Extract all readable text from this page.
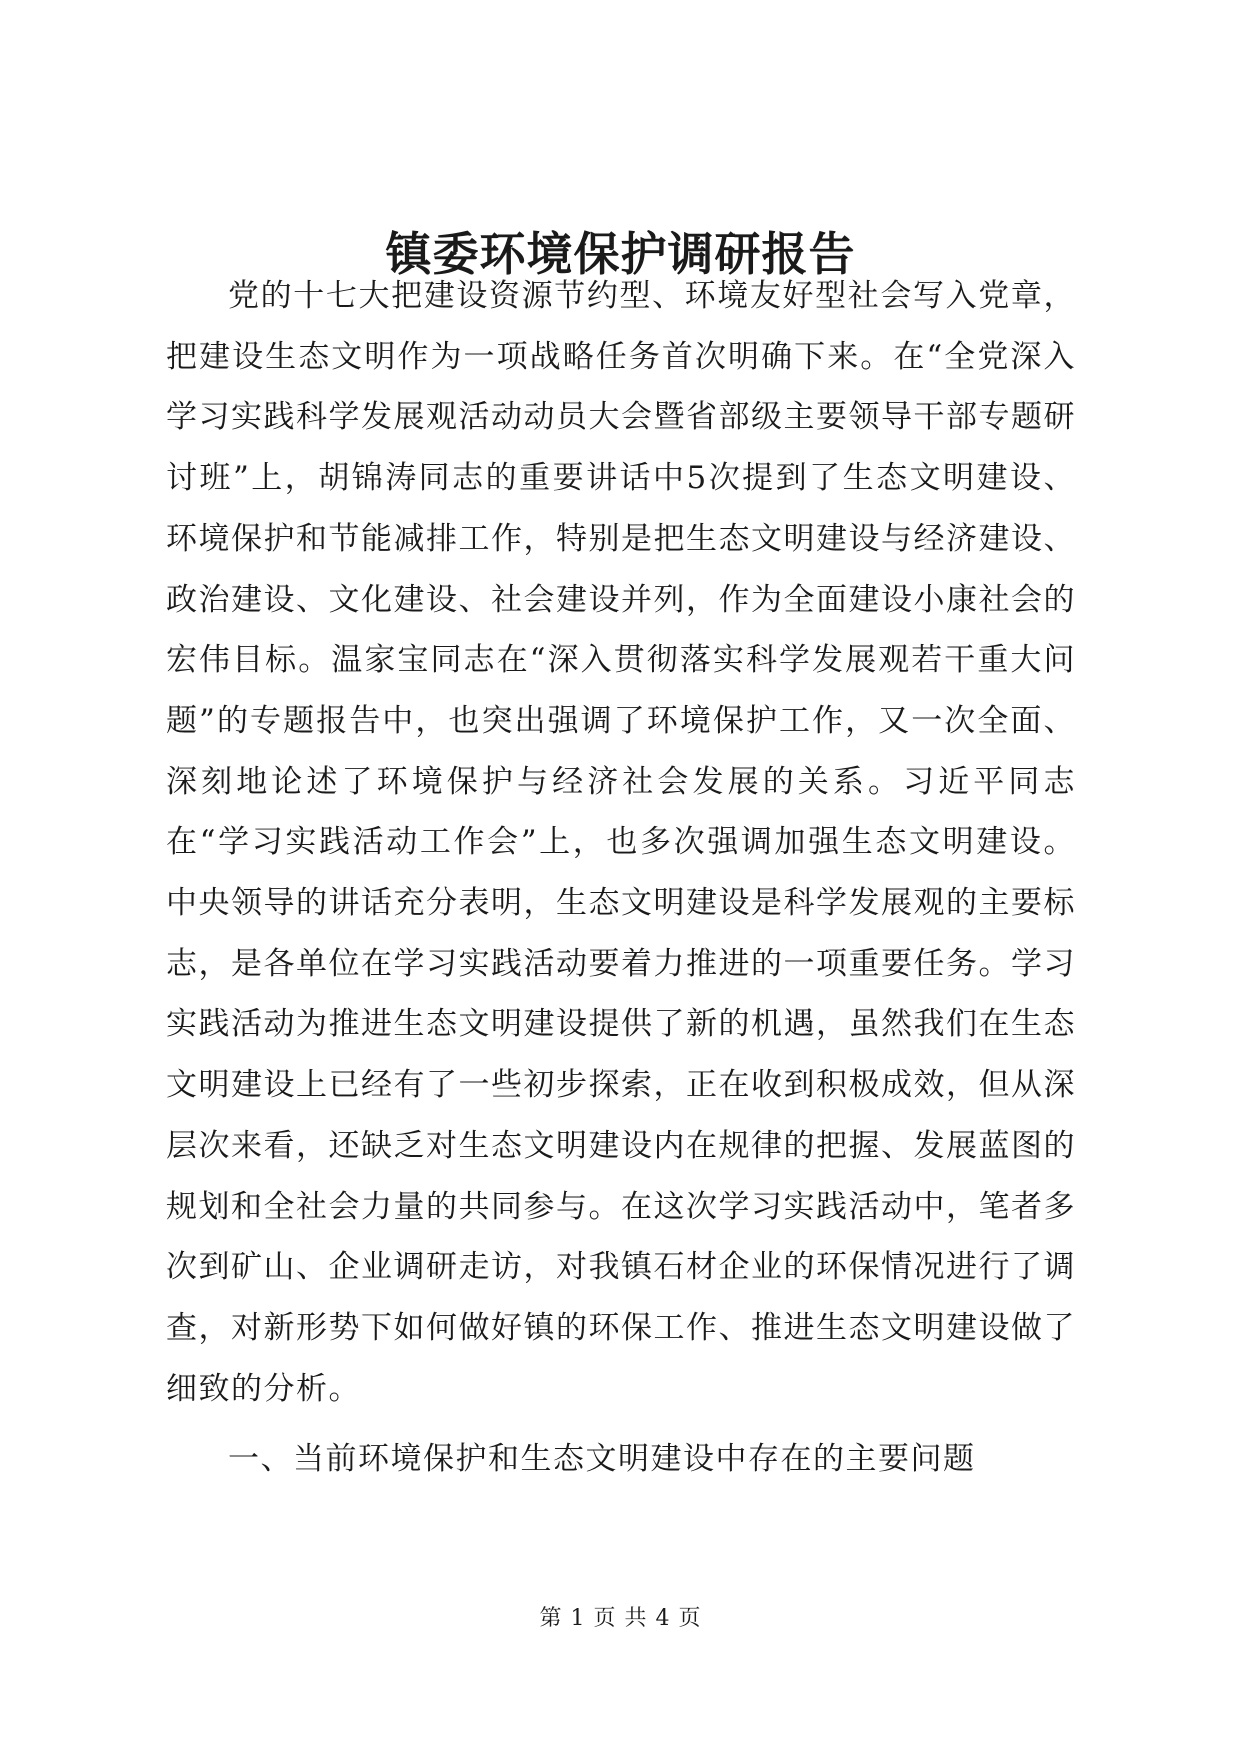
镇委环境保护调研报告

党的十七大把建设资源节约型、环境友好型社会写入党章，把建设生态文明作为一项战略任务首次明确下来。在“全党深入学习实践科学发展观活动动员大会暨省部级主要领导干部专题研讨班”上，胡锦涛同志的重要讲话中5次提到了生态文明建设、环境保护和节能减排工作，特别是把生态文明建设与经济建设、政治建设、文化建设、社会建设并列，作为全面建设小康社会的宏伟目标。温家宝同志在“深入贯彻落实科学发展观若干重大问题”的专题报告中，也突出强调了环境保护工作，又一次全面、深刻地论述了环境保护与经济社会发展的关系。习近平同志在“学习实践活动工作会”上，也多次强调加强生态文明建设。中央领导的讲话充分表明，生态文明建设是科学发展观的主要标志，是各单位在学习实践活动要着力推进的一项重要任务。学习实践活动为推进生态文明建设提供了新的机遇，虽然我们在生态文明建设上已经有了一些初步探索，正在收到积极成效，但从深层次来看，还缺乏对生态文明建设内在规律的把握、发展蓝图的规划和全社会力量的共同参与。在这次学习实践活动中，笔者多次到矿山、企业调研走访，对我镇石材企业的环保情况进行了调查，对新形势下如何做好镇的环保工作、推进生态文明建设做了细致的分析。

一、当前环境保护和生态文明建设中存在的主要问题

第 1 页 共 4 页
